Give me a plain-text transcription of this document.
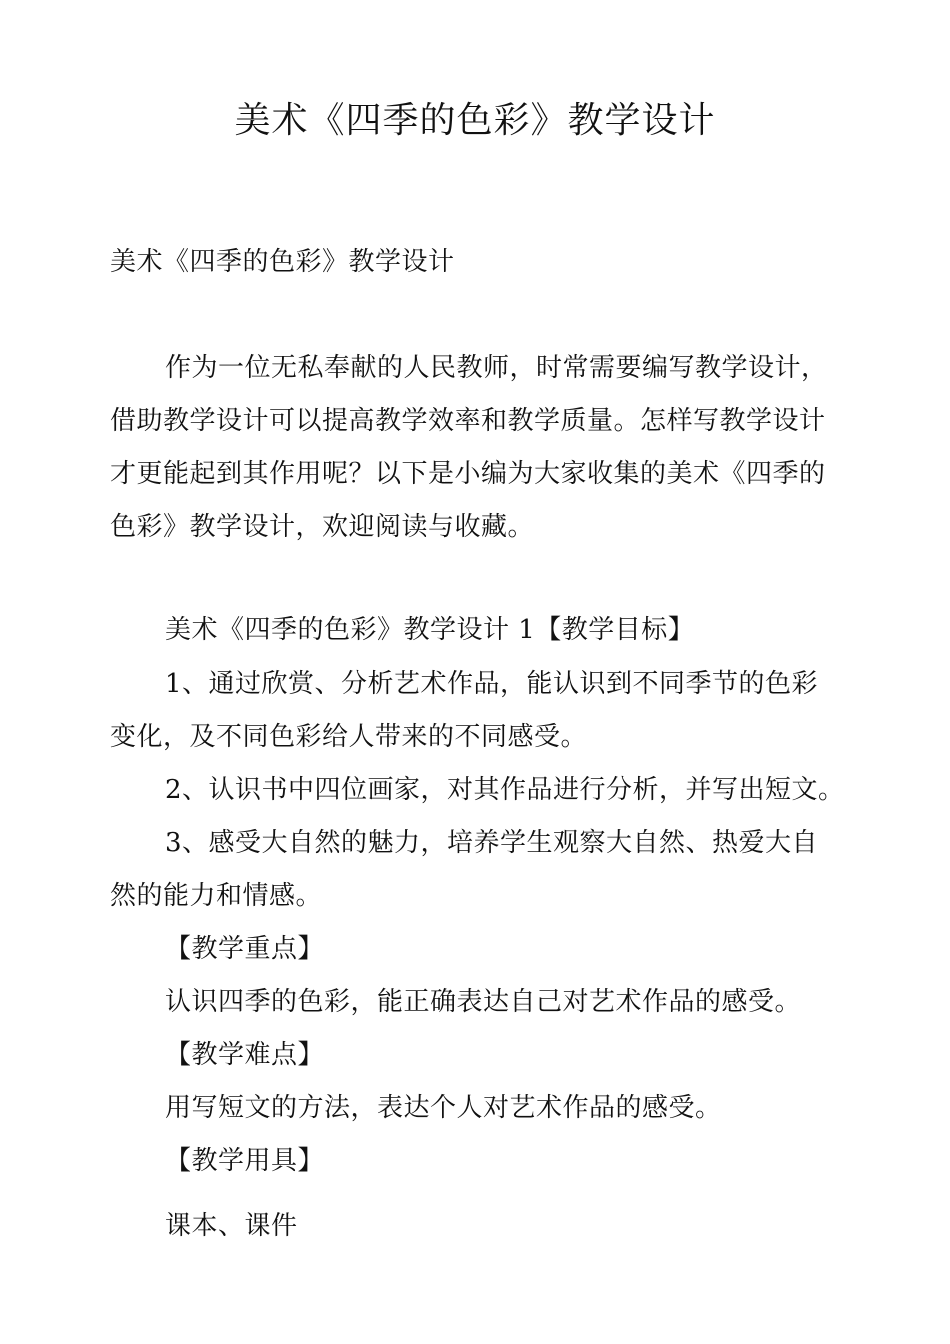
美术《四季的色彩》教学设计
美术《四季的色彩》教学设计
作为一位无私奉献的人民教师，时常需要编写教学设计，
借助教学设计可以提高教学效率和教学质量。怎样写教学设计
才更能起到其作用呢？以下是小编为大家收集的美术《四季的
色彩》教学设计，欢迎阅读与收藏。
美术《四季的色彩》教学设计 1【教学目标】
1、通过欣赏、分析艺术作品，能认识到不同季节的色彩
变化，及不同色彩给人带来的不同感受。
2、认识书中四位画家，对其作品进行分析，并写出短文。
3、感受大自然的魅力，培养学生观察大自然、热爱大自
然的能力和情感。
【教学重点】
认识四季的色彩，能正确表达自己对艺术作品的感受。
【教学难点】
用写短文的方法，表达个人对艺术作品的感受。
【教学用具】
课本、课件
